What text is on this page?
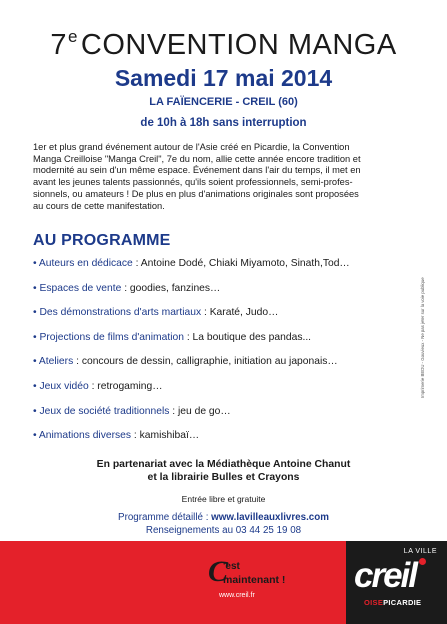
7e CONVENTION MANGA
Samedi 17 mai 2014
LA FAÏENCERIE - CREIL (60)
de 10h à 18h sans interruption

1er et plus grand événement autour de l'Asie créé en Picardie, la Convention

Manga Creilloise "Manga Creil", 7e du nom, allie cette année encore tradition et

modernité au sein d'un même espace. Événement dans l'air du temps, il met en

avant les jeunes talents passionnés, qu'ils soient professionnels, semi-profes-

sionnels, ou amateurs ! De plus en plus d'animations originales sont proposées

au cours de cette manifestation.

AU PROGRAMME
• Auteurs en dédicace : Antoine Dodé, Chiaki Miyamoto, Sinath,Tod…
• Espaces de vente : goodies, fanzines…
• Des démonstrations d'arts martiaux : Karaté, Judo…
• Projections de films d'animation : La boutique des pandas...
• Ateliers : concours de dessin, calligraphie, initiation au japonais…
• Jeux vidéo : retrogaming…
• Jeux de société traditionnels : jeu de go…
• Animations diverses : kamishibaï…
En partenariat avec la Médiathèque Antoine Chanut
et la librairie Bulles et Crayons
Entrée libre et gratuite
Programme détaillé : www.lavilleauxlivres.com
Renseignements au 03 44 25 19 08
Imprimerie BEDU - Gouvieux - Ne pas jeter sur la voie publique
C
'est
maintenant !
www.creil.fr
LA VILLE
creil
OISEPICARDIE
